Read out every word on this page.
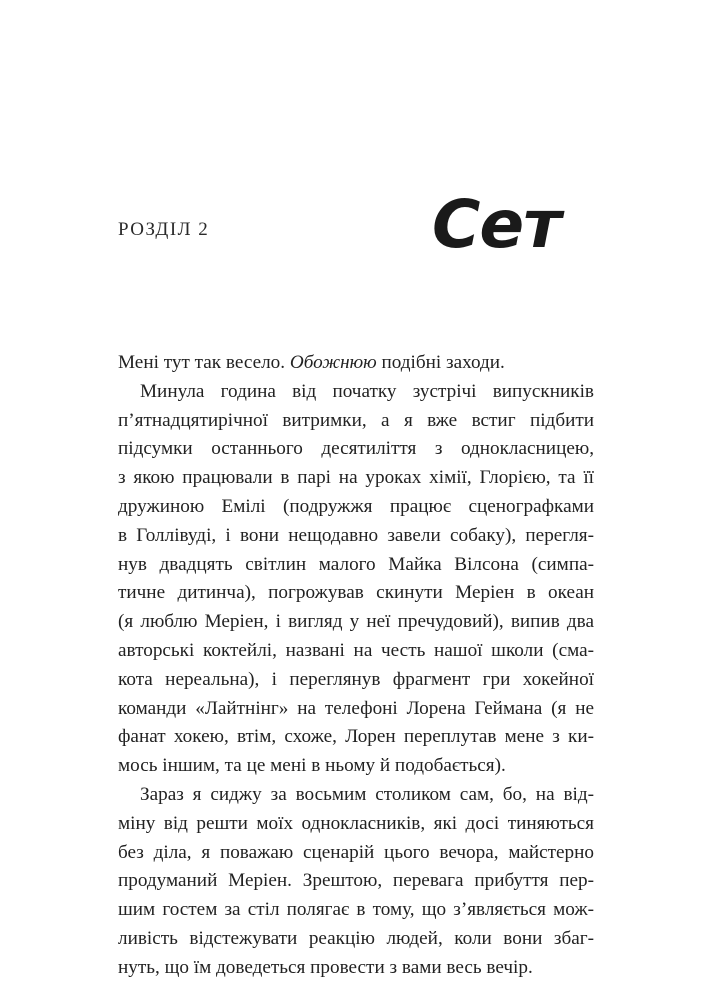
РОЗДІЛ 2	Сет
Мені тут так весело. Обожнюю подібні заходи.
Минула година від початку зустрічі випускників
п’ятнадцятирічної витримки, а я вже встиг підбити
підсумки останнього десятиліття з однокласницею,
з якою працювали в парі на уроках хімії, Глорією, та її
дружиною Емілі (подружжя працює сценографками
в Голлівуді, і вони нещодавно завели собаку), перегля-
нув двадцять світлин малого Майка Вілсона (симпа-
тичне дитинча), погрожував скинути Меріен в океан
(я люблю Меріен, і вигляд у неї пречудовий), випив два
авторські коктейлі, названі на честь нашої школи (сма-
кота нереальна), і переглянув фрагмент гри хокейної
команди «Лайтнінг» на телефоні Лорена Геймана (я не
фанат хокею, втім, схоже, Лорен переплутав мене з ки-
мось іншим, та це мені в ньому й подобається).
Зараз я сиджу за восьмим столиком сам, бо, на від-
міну від решти моїх однокласників, які досі тиняються
без діла, я поважаю сценарій цього вечора, майстерно
продуманий Меріен. Зрештою, перевага прибуття пер-
шим гостем за стіл полягає в тому, що з’являється мож-
ливість відстежувати реакцію людей, коли вони збаг-
нуть, що їм доведеться провести з вами весь вечір.
